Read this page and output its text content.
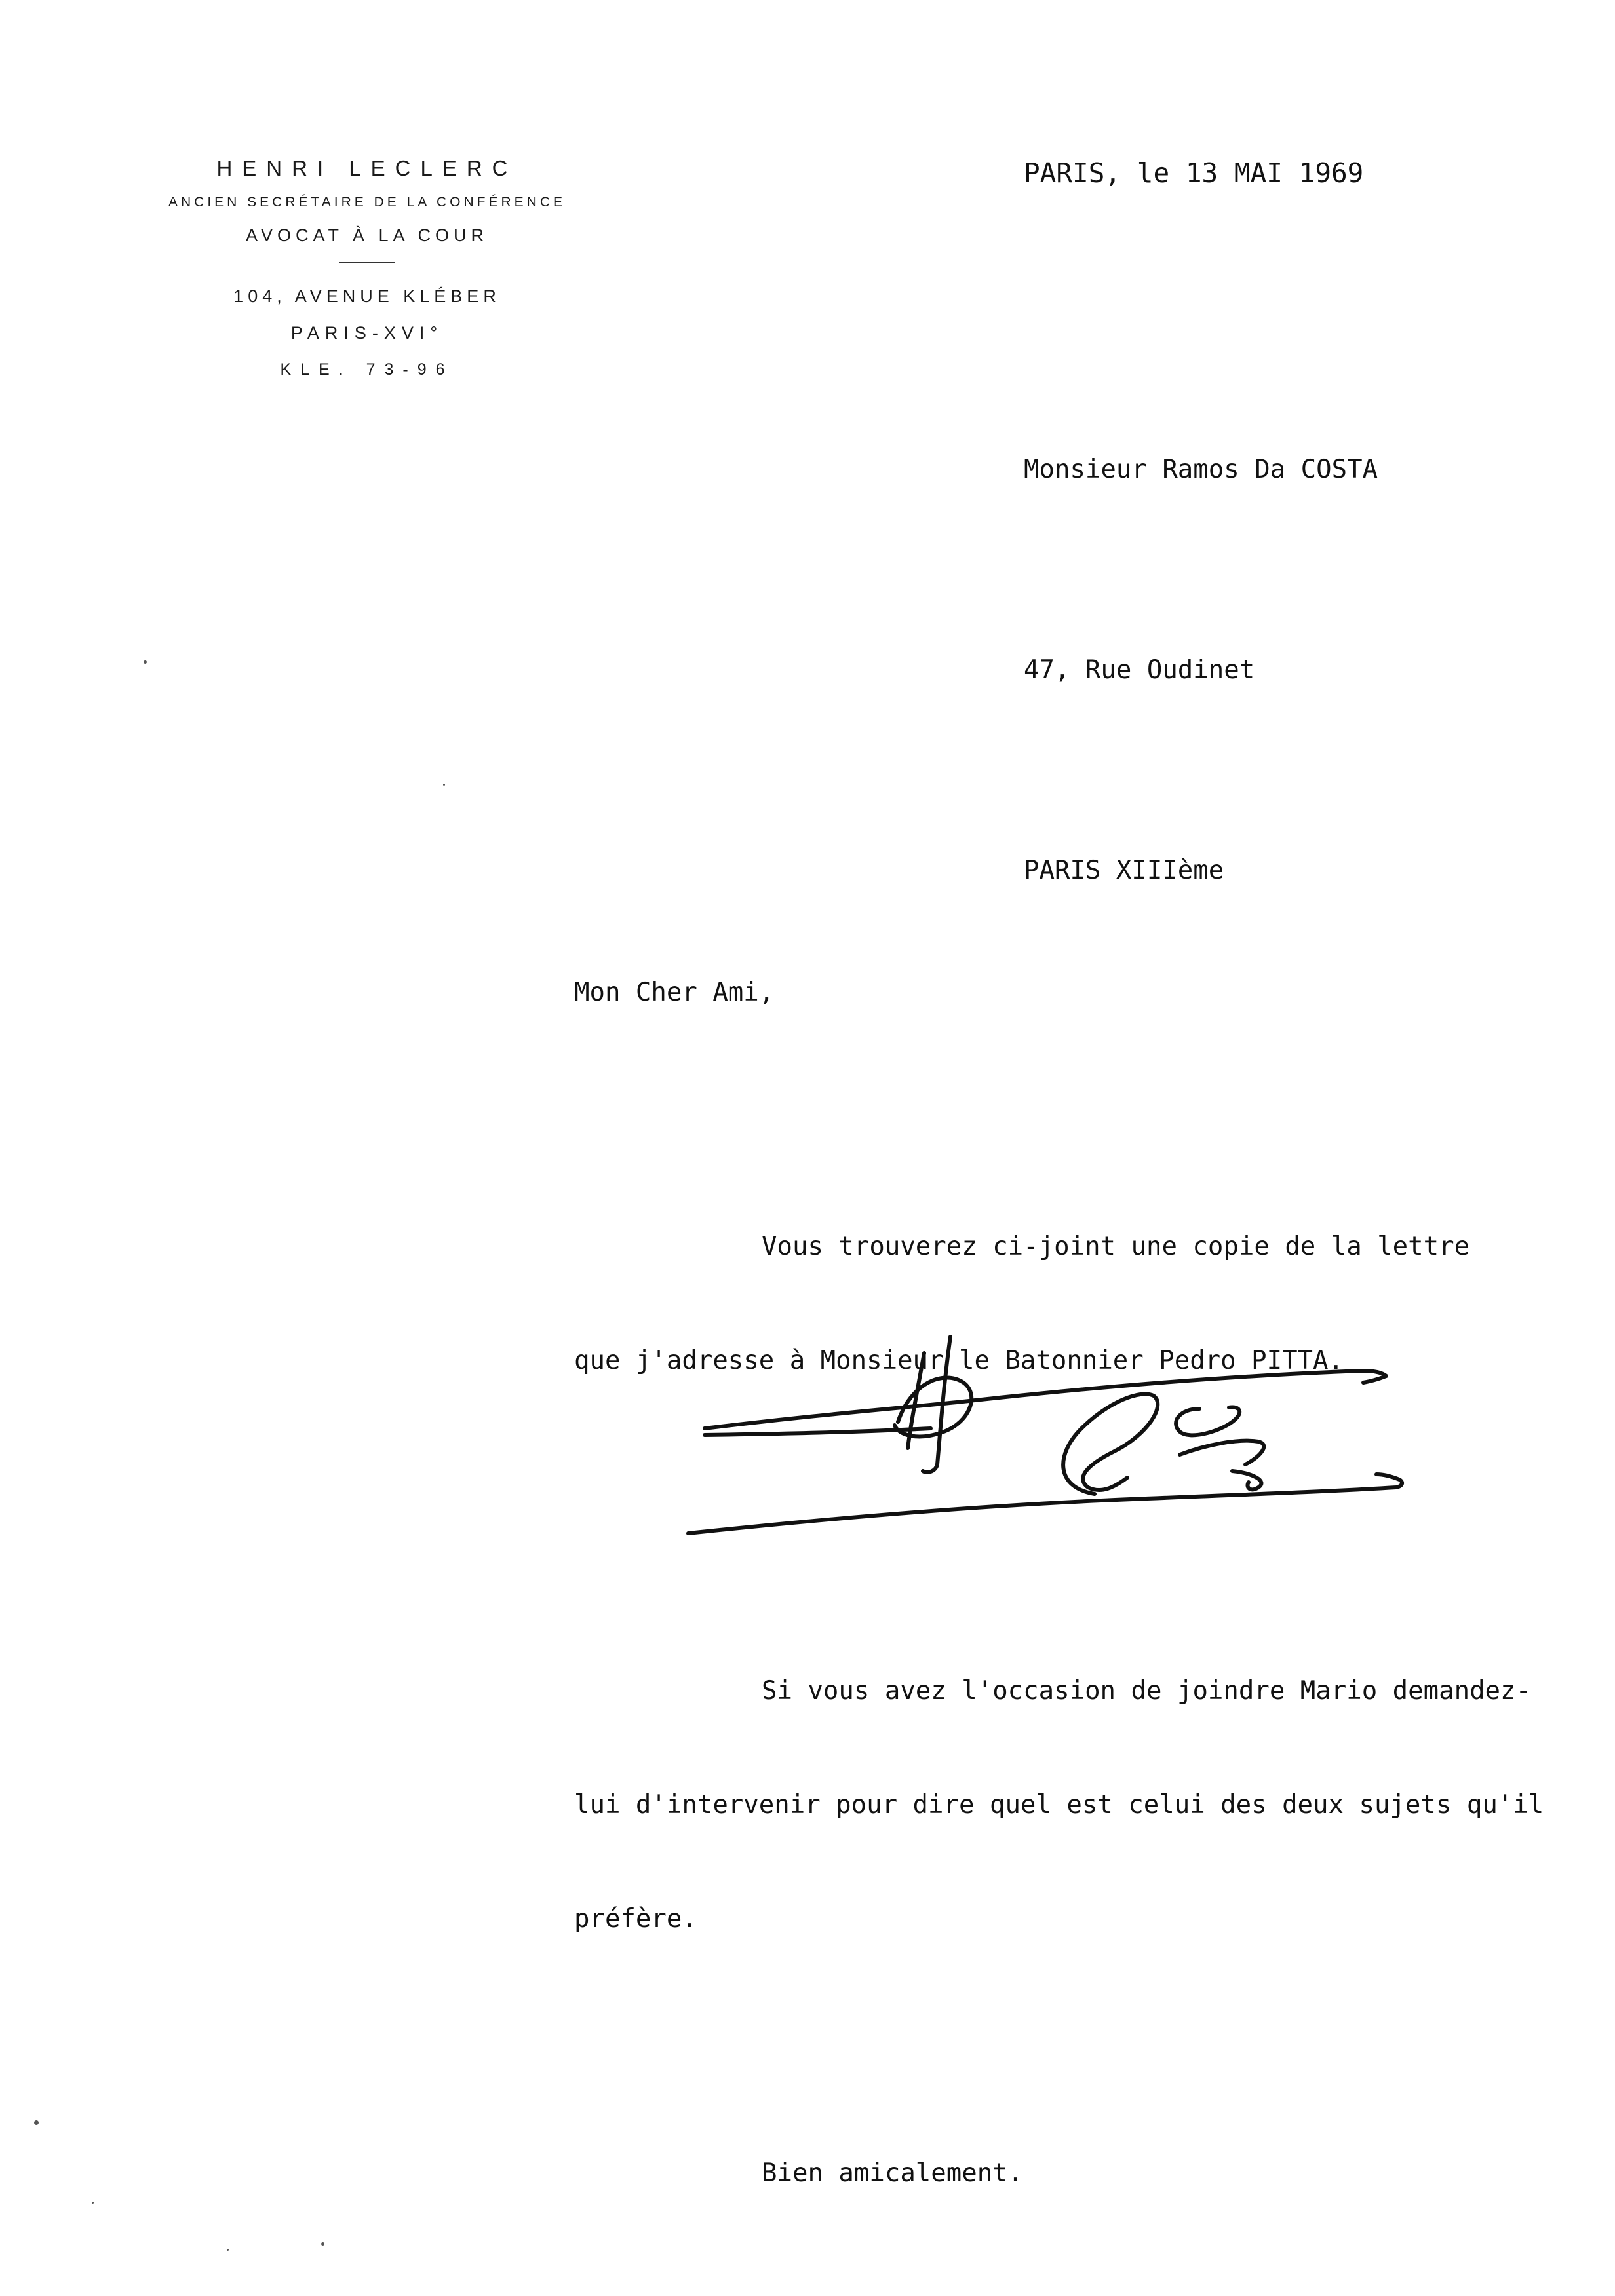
HENRI LECLERC

ANCIEN SECRÉTAIRE DE LA CONFÉRENCE

AVOCAT À LA COUR

104, AVENUE KLÉBER

PARIS-XVI°

KLE. 73-96

PARIS, le 13 MAI 1969

Monsieur Ramos Da COSTA

47, Rue Oudinet

PARIS XIIIème

Mon Cher Ami,

Vous trouverez ci-joint une copie de la lettre

que j'adresse à Monsieur le Batonnier Pedro PITTA.

Si vous avez l'occasion de joindre Mario demandez-

lui d'intervenir pour dire quel est celui des deux sujets qu'il

préfère.

Bien amicalement.
